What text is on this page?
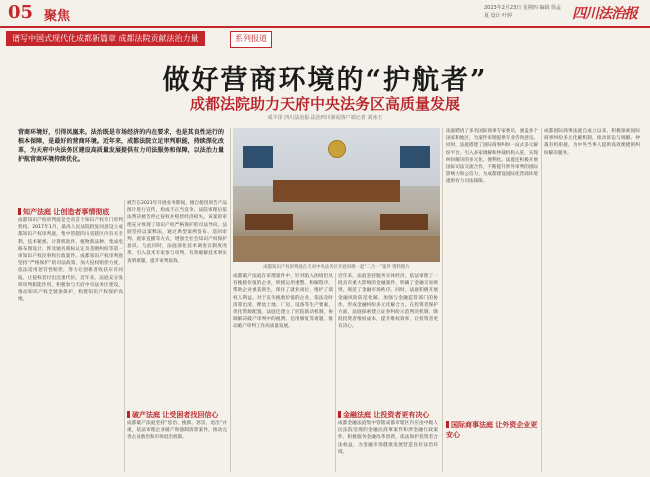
05 聚焦
2023年2月23日 星期四 编辑 徐孟夏 设计 叶婷	四川法治报
谱写中国式现代化成都新篇章 成都法院贡献法治力量	系列报道
做好营商环境的“护航者”
成都法院助力天府中央法务区高质量发展
成平泽 四川法治报·法治四川新闻客户端记者 刘冰玉
营商环境好，引得凤凰来。法治既是市场经济的内在要求，也是其良性运行的根本保障，是最好的营商环境。近年来，成都法院立足审判职能，持续深化改革，为天府中央法务区建设高质量发展提供有力司法服务和保障，以法治力量护航营商环境持续优化。
知产法庭 让创造者事情彻底
成都知识产权审判庭是全省首个知识产权专门审判机构。2017年1月，最高人民法院批复同意设立成都知识产权审判庭，集中管辖四川省辖区内有关专利、技术秘密、计算机软件、植物新品种、集成电路布图设计、涉及驰名商标认定及垄断纠纷等第一审知识产权民事和行政案件。成都知识产权审判庭坚持“严格保护”的司法政策，加大侵权赔偿力度，依法适用惩罚性赔偿，努力让创新者收获应有回报、让侵权者付出沉重代价。近年来，法庭充分发挥审判职能作用，积极参与天府中央法务区建设，推动知识产权全链条保护，构建知识产权保护高地。
被告在2021年开展业务期间，擅自使用原告产品图片进行宣传，构成不正当竞争。法院审理后依法判决被告停止侵权并赔偿经济损失。该案的审理充分体现了知识产权严格保护的司法导向。法庭坚持以案释法，通过典型案例发布、巡回审判、庭审直播等方式，增强全社会知识产权保护意识。与此同时，法庭深化技术调查官制度改革，引入技术专家参与审判，有效破解技术事实查明难题，提升审判质效。
破产法庭 让受困者找回信心
成都破产法庭坚持“惩治、挽救、惩罚、退出”并重，依法审理企业破产和强制清算案件，推动完善企业救治和市场退出机制。
成都知识产权审判庭在天府中央法务区开庭审理一起“二合一”案件 资料图片
成都破产法庭在审理案件中，针对陷入困境但具有挽救价值的企业，积极运用重整、和解程序，帮助企业重获新生，保住了就业岗位，维护了债权人利益。对于丧失挽救价值的企业，依法及时清算出清，释放土地、厂房、设备等生产要素，优化资源配置。法庭还建立了府院联动机制，协调解决破产审判中的税费、信用修复等难题，推动破产审判工作高质量发展。
近年来，法庭坚持服务实体经济，依法审理了一批具有重大影响的金融案件，明确了金融交易规则，规范了金融市场秩序。同时，法庭积极开展金融风险防范化解，加强与金融监管部门的协作，形成金融纠纷多元化解合力。在投资者保护方面，法庭探索建立证券纠纷示范判决机制，降低投资者维权成本，提升维权效率，让投资者更有决心。
金融法庭 让投资者更有决心
成都金融法庭集中管辖成都市辖区内应由中级人民法院受理的金融民商事案件和涉金融行政案件，积极服务金融改革创新，依法保护投资者合法权益，为金融市场健康发展营造良好法治环境。
法庭聘请了多名国际商事专家委员，涵盖多个国家和地区，为案件审理提供专业咨询意见。同时，法庭搭建了国际商事纠纷一站式多元解纷平台，引入多家调解和仲裁机构入驻，实现纠纷解决的多元化、便利化。法庭还积极开展国际司法交流合作，不断提升涉外审判的国际影响力和公信力，为成都建设国际化营商环境提供有力司法保障。
国际商事法庭 让外资企业更安心
成都国际商事法庭自成立以来，积极探索国际商事纠纷多元化解机制，推动诉讼与调解、仲裁有机衔接，为中外当事人提供高效便捷的纠纷解决服务。
